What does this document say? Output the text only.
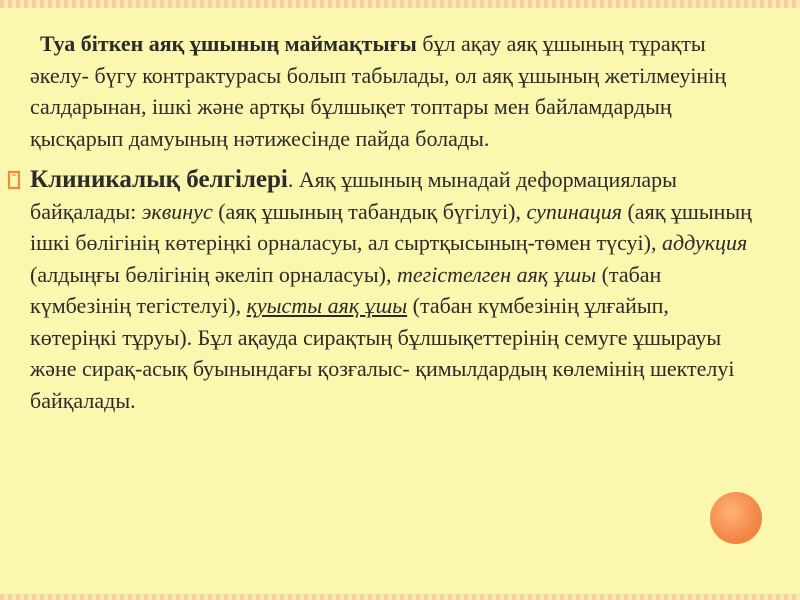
Туа біткен аяқ ұшының маймақтығы бұл ақау аяқ ұшының тұрақты әкелу- бүгу контрактурасы болып табылады, ол аяқ ұшының жетілмеуінің салдарынан, ішкі және артқы бұлшықет топтары мен байламдардың қысқарып дамуының нәтижесінде пайда болады.

Клиникалық белгілері. Аяқ ұшының мынадай деформациялары байқалады: эквинус (аяқ ұшының табандық бүгілуі), супинация (аяқ ұшының ішкі бөлігінің көтеріңкі орналасуы, ал сыртқысының-төмен түсуі), аддукция (алдыңғы бөлігінің әкеліп орналасуы), тегістелген аяқ ұшы (табан күмбезінің тегістелуі), қуысты аяқ ұшы (табан күмбезінің ұлғайып, көтеріңкі тұруы). Бұл ақауда сирақтың бұлшықеттерінің семуге ұшырауы және сирақ-асық буынындағы қозғалыс- қимылдардың көлемінің шектелуі байқалады.
